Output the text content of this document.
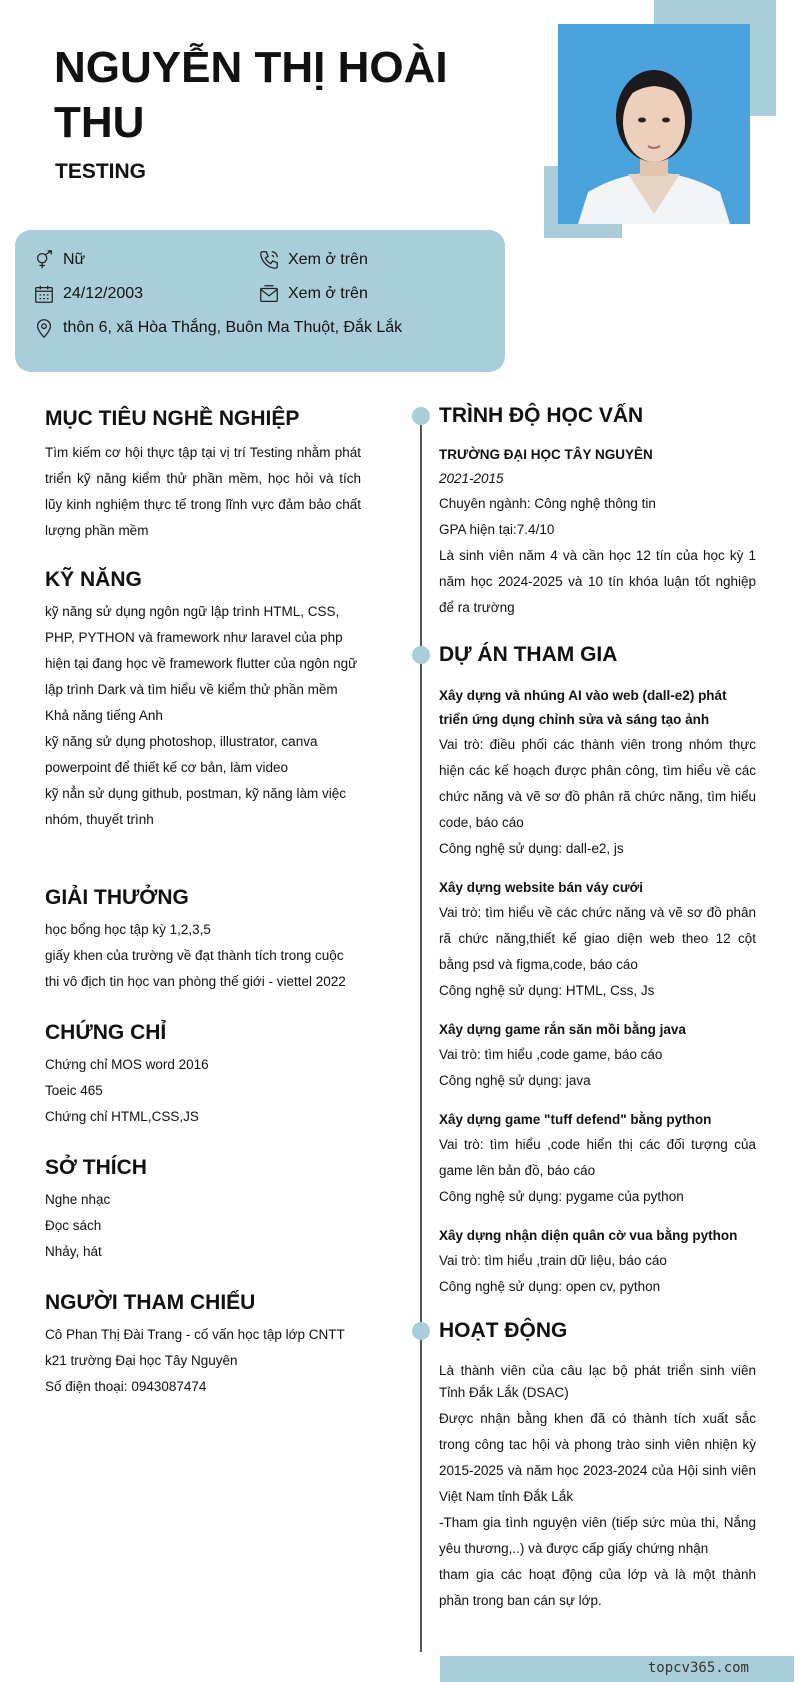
NGUYỄN THỊ HOÀI THU
TESTING
Nữ	Xem ở trên
24/12/2003	Xem ở trên
thôn 6, xã Hòa Thắng, Buôn Ma Thuột, Đắk Lắk
MỤC TIÊU NGHỀ NGHIỆP
Tìm kiếm cơ hội thực tập tại vị trí Testing nhằm phát triển kỹ năng kiểm thử phần mềm, học hỏi và tích lũy kinh nghiệm thực tế trong lĩnh vực đảm bảo chất lượng phần mềm
KỸ NĂNG
kỹ năng sử dụng ngôn ngữ lập trình HTML, CSS, PHP, PYTHON và framework như laravel của php hiện tại đang học về framework flutter của ngôn ngữ lập trình Dark và tìm hiểu về kiểm thử phần mềm
Khả năng tiếng Anh
kỹ năng sử dụng photoshop, illustrator, canva powerpoint để thiết kế cơ bản, làm video
kỹ nẳn sử dụng github, postman, kỹ năng làm việc nhóm, thuyết trình
GIẢI THƯỞNG
học bổng học tập kỳ 1,2,3,5
giấy khen của trường về đạt thành tích trong cuộc thi vô địch tin học van phòng thế giới - viettel 2022
CHỨNG CHỈ
Chứng chỉ MOS word 2016
Toeic 465
Chứng chỉ HTML,CSS,JS
SỞ THÍCH
Nghe nhạc
Đọc sách
Nhảy, hát
NGƯỜI THAM CHIẾU
Cô Phan Thị Đài Trang - cố vấn học tập lớp CNTT k21 trường Đại học Tây Nguyên
Số điện thoại: 0943087474
TRÌNH ĐỘ HỌC VẤN
TRƯỜNG ĐẠI HỌC TÂY NGUYÊN
2021-2015
Chuyên ngành: Công nghệ thông tin
GPA hiện tại:7.4/10
Là sinh viên năm 4 và cần học 12 tín của học kỳ 1 năm học 2024-2025 và 10 tín khóa luận tốt nghiệp để ra trường
DỰ ÁN THAM GIA
Xây dựng và nhúng AI vào web (dall-e2) phát triển ứng dụng chỉnh sửa và sáng tạo ảnh
Vai trò: điều phối các thành viên trong nhóm thực hiện các kế hoạch được phân công, tìm hiểu về các chức năng và vẽ sơ đồ phân rã chức năng, tìm hiểu code, báo cáo
Công nghệ sử dụng: dall-e2, js
Xây dựng website bán váy cưới
Vai trò: tìm hiểu về các chức năng và vẽ sơ đồ phân rã chức năng,thiết kế giao diện web theo 12 cột bằng psd và figma,code, báo cáo
Công nghệ sử dụng: HTML, Css, Js
Xây dựng game rắn săn mồi bằng java
Vai trò: tìm hiểu ,code game, báo cáo
Công nghệ sử dụng: java
Xây dựng game "tuff defend" bằng python
Vai trò: tìm hiểu ,code hiển thị các đối tượng của game lên bản đồ, báo cáo
Công nghệ sử dụng: pygame của python
Xây dựng nhận diện quân cờ vua bằng python
Vai trò: tìm hiểu ,train dữ liệu, báo cáo
Công nghệ sử dụng: open cv, python
HOẠT ĐỘNG
Là thành viên của câu lạc bộ phát triển sinh viên Tỉnh Đắk Lắk (DSAC)
Được nhận bằng khen đã có thành tích xuất sắc trong công tac hội và phong trào sinh viên nhiện kỳ 2015-2025 và năm học 2023-2024 của Hội sinh viên Việt Nam tỉnh Đắk Lắk
-Tham gia tình nguyện viên (tiếp sức mùa thi, Nắng yêu thương,..) và được cấp giấy chứng nhận
tham gia các hoạt động của lớp và là một thành phần trong ban cán sự lớp.
topcv365.com
